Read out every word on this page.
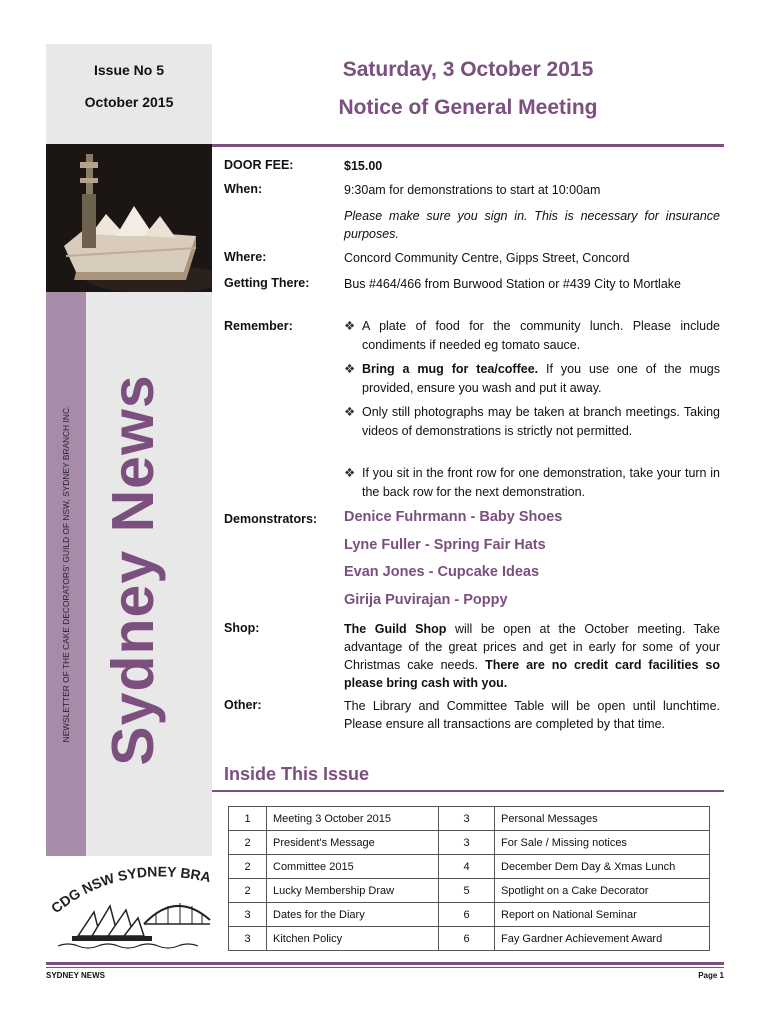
Issue No 5
October 2015
NEWSLETTER OF THE CAKE DECORATORS' GUILD OF NSW, SYDNEY BRANCH INC. Sydney News
CDG NSW SYDNEY BRA
Saturday, 3 October 2015
Notice of General Meeting
DOOR FEE:	$15.00
When:	9:30am for demonstrations to start at 10:00am
Please make sure you sign in. This is necessary for insurance purposes.
Where:	Concord Community Centre, Gipps Street, Concord
Getting There:	Bus #464/466 from Burwood Station or #439 City to Mortlake
Remember:	❖ A plate of food for the community lunch. Please include condiments if needed eg tomato sauce.
❖ Bring a mug for tea/coffee. If you use one of the mugs provided, ensure you wash and put it away.
❖ Only still photographs may be taken at branch meetings. Taking videos of demonstrations is strictly not permitted.
❖ If you sit in the front row for one demonstration, take your turn in the back row for the next demonstration.
Demonstrators: Denice Fuhrmann - Baby Shoes
Lyne Fuller - Spring Fair Hats
Evan Jones - Cupcake Ideas
Girija Puvirajan - Poppy
Shop:	The Guild Shop will be open at the October meeting. Take advantage of the great prices and get in early for some of your Christmas cake needs. There are no credit card facilities so please bring cash with you.
Other:	The Library and Committee Table will be open until lunchtime. Please ensure all transactions are completed by that time.
Inside This Issue
1	Meeting 3 October 2015	3	Personal Messages
2	President's Message	3	For Sale / Missing notices
2	Committee 2015	4	December Dem Day & Xmas Lunch
2	Lucky Membership Draw	5	Spotlight on a Cake Decorator
3	Dates for the Diary	6	Report on National Seminar
3	Kitchen Policy	6	Fay Gardner Achievement Award
SYDNEY NEWS	Page 1
